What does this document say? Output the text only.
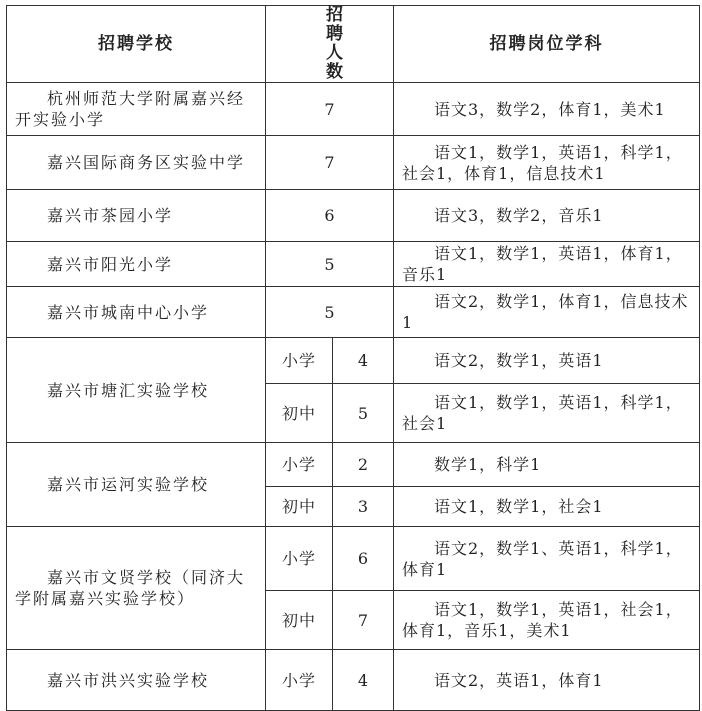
招聘学校	招聘人数		招聘岗位学科

杭州师范大学附属嘉兴经开实验小学	7		语文3，数学2，体育1，美术1

嘉兴国际商务区实验中学	7		语文1，数学1，英语1，科学1，社会1，体育1，信息技术1

嘉兴市茶园小学	6		语文3，数学2，音乐1

嘉兴市阳光小学	5		语文1，数学1，英语1，体育1，音乐1

嘉兴市城南中心小学	5		语文2，数学1，体育1，信息技术1

嘉兴市塘汇实验学校	小学	4	语文2，数学1，英语1

	初中	5	语文1，数学1，英语1，科学1，社会1

嘉兴市运河实验学校	小学	2	数学1，科学1

	初中	3	语文1，数学1，社会1

嘉兴市文贤学校（同济大学附属嘉兴实验学校）	小学	6	语文2，数学1、英语1，科学1，体育1

	初中	7	语文1，数学1，英语1，社会1，体育1，音乐1，美术1

嘉兴市洪兴实验学校	小学	4	语文2，英语1，体育1
